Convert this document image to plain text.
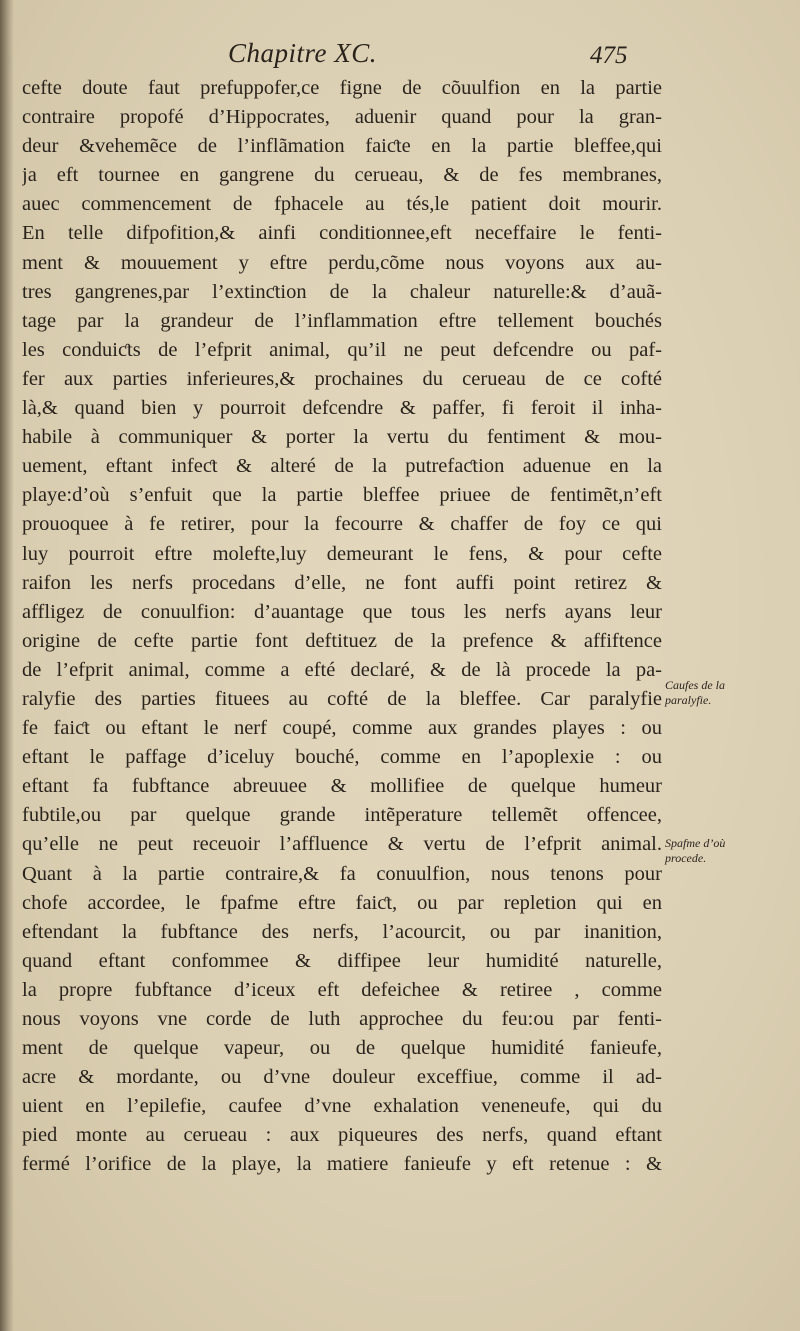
Chapitre XC.	475
cefte doute faut prefuppofer,ce figne de cõuulfion en la partie
contraire propofé d’Hippocrates, aduenir quand pour la gran-
deur &vehemẽce de l’inflãmation faiƈte en la partie bleffee,qui
ja eft tournee en gangrene du cerueau, & de fes membranes,
auec commencement de fphacele au tés,le patient doit mourir.
En telle difpofition,& ainfi conditionnee,eft neceffaire le fenti-
ment & mouuement y eftre perdu,cõme nous voyons aux au-
tres gangrenes,par l’extinƈtion de la chaleur naturelle:& d’auã-
tage par la grandeur de l’inflammation eftre tellement bouchés
les conduiƈts de l’efprit animal, qu’il ne peut defcendre ou paf-
fer aux parties inferieures,& prochaines du cerueau de ce cofté
là,& quand bien y pourroit defcendre & paffer, fi feroit il inha-
habile à communiquer & porter la vertu du fentiment & mou-
uement, eftant infeƈt & alteré de la putrefaƈtion aduenue en la
playe:d’où s’enfuit que la partie bleffee priuee de fentimẽt,n’eft
prouoquee à fe retirer, pour la fecourre & chaffer de foy ce qui
luy pourroit eftre molefte,luy demeurant le fens, & pour cefte
raifon les nerfs procedans d’elle, ne font auffi point retirez &
affligez de conuulfion: d’auantage que tous les nerfs ayans leur
origine de cefte partie font deftituez de la prefence & affiftence
de l’efprit animal, comme a efté declaré, & de là procede la pa-
ralyfie des parties fituees au cofté de la bleffee. Car paralyfie
fe faiƈt ou eftant le nerf coupé, comme aux grandes playes : ou
eftant le paffage d’iceluy bouché, comme en l’apoplexie : ou
eftant fa fubftance abreuuee & mollifiee de quelque humeur
fubtile,ou par quelque grande intẽperature tellemẽt offencee,
qu’elle ne peut receuoir l’affluence & vertu de l’efprit animal.
Quant à la partie contraire,& fa conuulfion, nous tenons pour
chofe accordee, le fpafme eftre faiƈt, ou par repletion qui en
eftendant la fubftance des nerfs, l’acourcit, ou par inanition,
quand eftant confommee & diffipee leur humidité naturelle,
la propre fubftance d’iceux eft defeichee & retiree , comme
nous voyons vne corde de luth approchee du feu:ou par fenti-
ment de quelque vapeur, ou de quelque humidité fanieufe,
acre & mordante, ou d’vne douleur exceffiue, comme il ad-
uient en l’epilefie, caufee d’vne exhalation veneneufe, qui du
pied monte au cerueau : aux piqueures des nerfs, quand eftant
fermé l’orifice de la playe, la matiere fanieufe y eft retenue : &
Caufes de la
paralyfie.
Spafme d’où
procede.
